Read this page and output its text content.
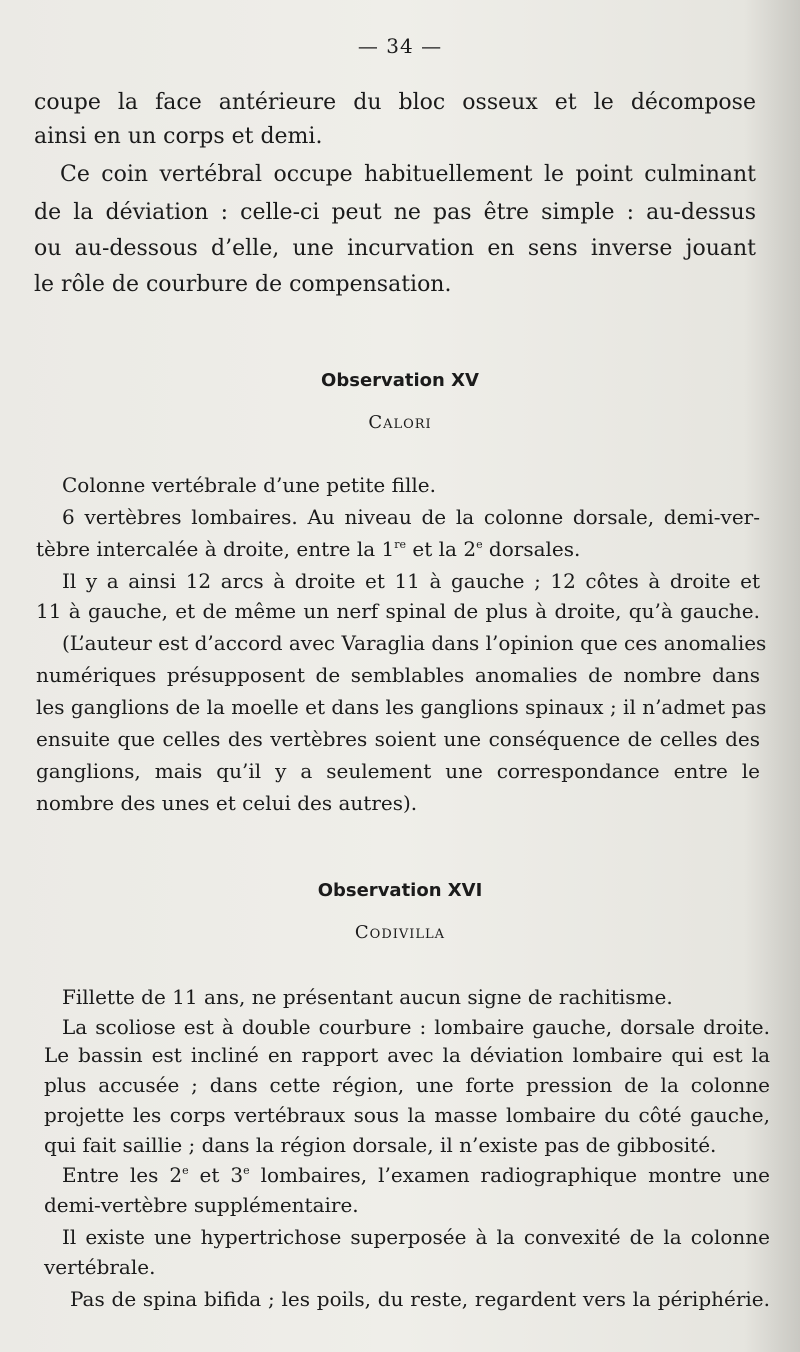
— 34 —
coupe la face antérieure du bloc osseux et le décompose
ainsi en un corps et demi.
Ce coin vertébral occupe habituellement le point culminant
de la déviation : celle-ci peut ne pas être simple : au-dessus
ou au-dessous d’elle, une incurvation en sens inverse jouant
le rôle de courbure de compensation.
Observation XV
Calori
Colonne vertébrale d’une petite fille.
6 vertèbres lombaires. Au niveau de la colonne dorsale, demi-ver-
tèbre intercalée à droite, entre la 1re et la 2e dorsales.
Il y a ainsi 12 arcs à droite et 11 à gauche ; 12 côtes à droite et
11 à gauche, et de même un nerf spinal de plus à droite, qu’à gauche.
(L’auteur est d’accord avec Varaglia dans l’opinion que ces anomalies
numériques présupposent de semblables anomalies de nombre dans
les ganglions de la moelle et dans les ganglions spinaux ; il n’admet pas
ensuite que celles des vertèbres soient une conséquence de celles des
ganglions, mais qu’il y a seulement une correspondance entre le
nombre des unes et celui des autres).
Observation XVI
Codivilla
Fillette de 11 ans, ne présentant aucun signe de rachitisme.
La scoliose est à double courbure : lombaire gauche, dorsale droite.
Le bassin est incliné en rapport avec la déviation lombaire qui est la
plus accusée ; dans cette région, une forte pression de la colonne
projette les corps vertébraux sous la masse lombaire du côté gauche,
qui fait saillie ; dans la région dorsale, il n’existe pas de gibbosité.
Entre les 2e et 3e lombaires, l’examen radiographique montre une
demi-vertèbre supplémentaire.
Il existe une hypertrichose superposée à la convexité de la colonne
vertébrale.
Pas de spina bifida ; les poils, du reste, regardent vers la périphérie.
